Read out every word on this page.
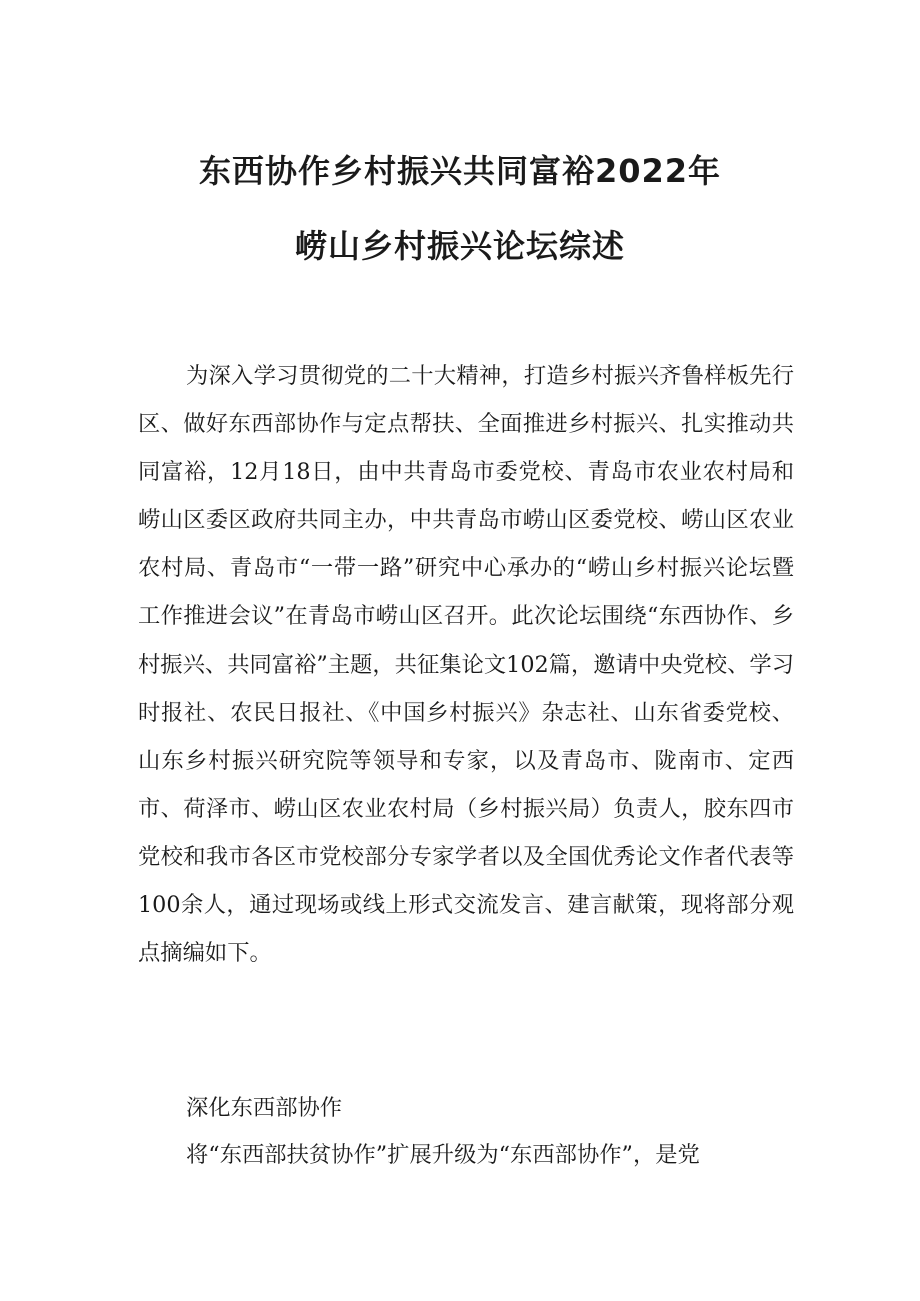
东西协作乡村振兴共同富裕2022年
崂山乡村振兴论坛综述

为深入学习贯彻党的二十大精神，打造乡村振兴齐鲁样板先行区、做好东西部协作与定点帮扶、全面推进乡村振兴、扎实推动共同富裕，12月18日，由中共青岛市委党校、青岛市农业农村局和崂山区委区政府共同主办，中共青岛市崂山区委党校、崂山区农业农村局、青岛市“一带一路”研究中心承办的“崂山乡村振兴论坛暨工作推进会议”在青岛市崂山区召开。此次论坛围绕“东西协作、乡村振兴、共同富裕”主题，共征集论文102篇，邀请中央党校、学习时报社、农民日报社、《中国乡村振兴》杂志社、山东省委党校、山东乡村振兴研究院等领导和专家，以及青岛市、陇南市、定西市、荷泽市、崂山区农业农村局（乡村振兴局）负责人，胶东四市党校和我市各区市党校部分专家学者以及全国优秀论文作者代表等100余人，通过现场或线上形式交流发言、建言献策，现将部分观点摘编如下。

深化东西部协作

将“东西部扶贫协作”扩展升级为“东西部协作”，是党
